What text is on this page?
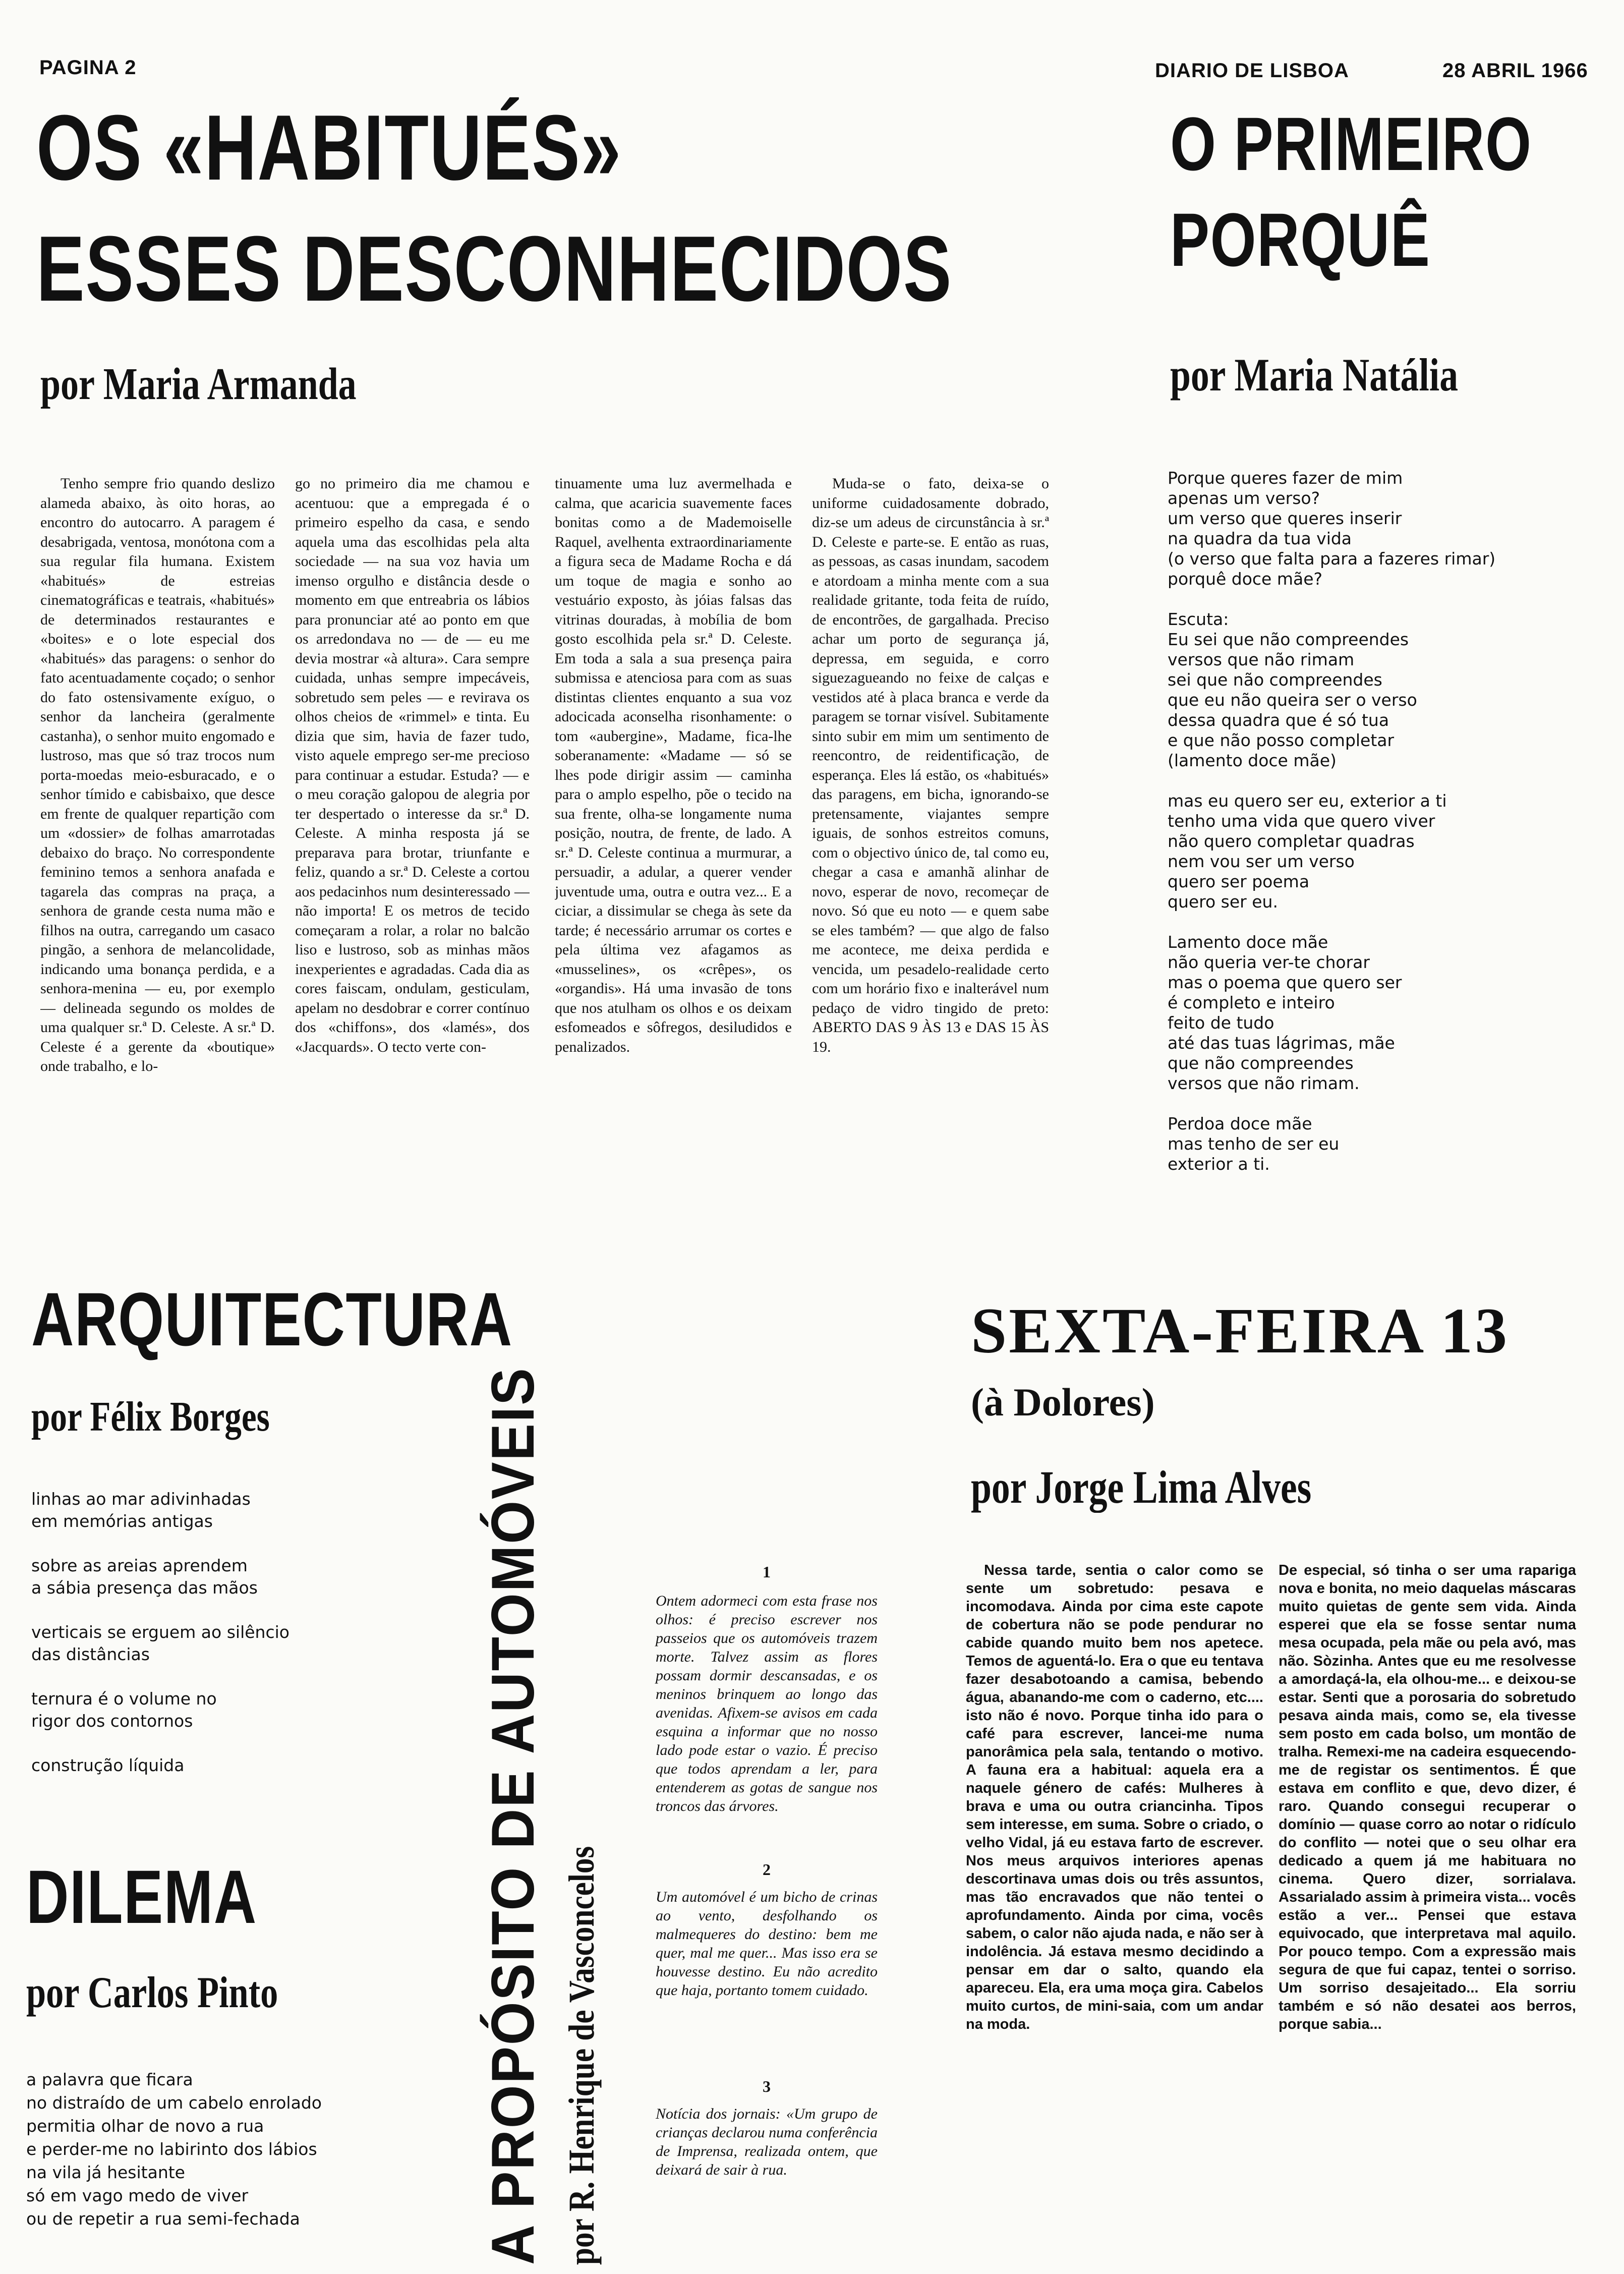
PAGINA 2	DIARIO DE LISBOA	28 ABRIL 1966
OS «HABITUÉS»
ESSES DESCONHECIDOS
por Maria Armanda

Tenho sempre frio quando deslizo alameda abaixo, às oito horas, ao encontro do autocarro. A paragem é desabrigada, ventosa, monótona com a sua regular fila humana. Existem «habitués» de estreias cinematográficas e teatrais, «habitués» de determinados restaurantes e «boites» e o lote especial dos «habitués» das paragens: o senhor do fato acentuadamente coçado; o senhor do fato ostensivamente exíguo, o senhor da lancheira (geralmente castanha), o senhor muito engomado e lustroso, mas que só traz trocos num porta-moedas meio-esburacado, e o senhor tímido e cabisbaixo, que desce em frente de qualquer repartição com um «dossier» de folhas amarrotadas debaixo do braço. No correspondente feminino temos a senhora anafada e tagarela das compras na praça, a senhora de grande cesta numa mão e filhos na outra, carregando um casaco pingão, a senhora de melancolidade, indicando uma bonança perdida, e a senhora-menina — eu, por exemplo — delineada segundo os moldes de uma qualquer sr.ª D. Celeste. A sr.ª D. Celeste é a gerente da «boutique» onde trabalho, e lo-

go no primeiro dia me chamou e acentuou: que a empregada é o primeiro espelho da casa, e sendo aquela uma das escolhidas pela alta sociedade — na sua voz havia um imenso orgulho e distância desde o momento em que entreabria os lábios para pronunciar até ao ponto em que os arredondava no — de — eu me devia mostrar «à altura». Cara sempre cuidada, unhas sempre impecáveis, sobretudo sem peles — e revirava os olhos cheios de «rimmel» e tinta. Eu dizia que sim, havia de fazer tudo, visto aquele emprego ser-me precioso para continuar a estudar. Estuda? — e o meu coração galopou de alegria por ter despertado o interesse da sr.ª D. Celeste. A minha resposta já se preparava para brotar, triunfante e feliz, quando a sr.ª D. Celeste a cortou aos pedacinhos num desinteressado — não importa! E os metros de tecido começaram a rolar, a rolar no balcão liso e lustroso, sob as minhas mãos inexperientes e agradadas. Cada dia as cores faiscam, ondulam, gesticulam, apelam no desdobrar e correr contínuo dos «chiffons», dos «lamés», dos «Jacquards». O tecto verte con-

tinuamente uma luz avermelhada e calma, que acaricia suavemente faces bonitas como a de Mademoiselle Raquel, avelhenta extraordinariamente a figura seca de Madame Rocha e dá um toque de magia e sonho ao vestuário exposto, às jóias falsas das vitrinas douradas, à mobília de bom gosto escolhida pela sr.ª D. Celeste. Em toda a sala a sua presença paira submissa e atenciosa para com as suas distintas clientes enquanto a sua voz adocicada aconselha risonhamente: o tom «aubergine», Madame, fica-lhe soberanamente: «Madame — só se lhes pode dirigir assim — caminha para o amplo espelho, põe o tecido na sua frente, olha-se longamente numa posição, noutra, de frente, de lado. A sr.ª D. Celeste continua a murmurar, a persuadir, a adular, a querer vender juventude uma, outra e outra vez... E a ciciar, a dissimular se chega às sete da tarde; é necessário arrumar os cortes e pela última vez afagamos as «musselines», os «crêpes», os «organdis». Há uma invasão de tons que nos atulham os olhos e os deixam esfomeados e sôfregos, desiludidos e penalizados.

Muda-se o fato, deixa-se o uniforme cuidadosamente dobrado, diz-se um adeus de circunstância à sr.ª D. Celeste e parte-se. E então as ruas, as pessoas, as casas inundam, sacodem e atordoam a minha mente com a sua realidade gritante, toda feita de ruído, de encontrões, de gargalhada. Preciso achar um porto de segurança já, depressa, em seguida, e corro siguezagueando no feixe de calças e vestidos até à placa branca e verde da paragem se tornar visível. Subitamente sinto subir em mim um sentimento de reencontro, de reidentificação, de esperança. Eles lá estão, os «habitués» das paragens, em bicha, ignorando-se pretensamente, viajantes sempre iguais, de sonhos estreitos comuns, com o objectivo único de, tal como eu, chegar a casa e amanhã alinhar de novo, esperar de novo, recomeçar de novo. Só que eu noto — e quem sabe se eles também? — que algo de falso me acontece, me deixa perdida e vencida, um pesadelo-realidade certo com um horário fixo e inalterável num pedaço de vidro tingido de preto: ABERTO DAS 9 ÀS 13 e DAS 15 ÀS 19.

O PRIMEIRO
PORQUÊ
por Maria Natália
Porque queres fazer de mim
apenas um verso?
um verso que queres inserir
na quadra da tua vida
(o verso que falta para a fazeres rimar)
porquê doce mãe?

Escuta:
Eu sei que não compreendes
versos que não rimam
sei que não compreendes
que eu não queira ser o verso
dessa quadra que é só tua
e que não posso completar
(lamento doce mãe)

mas eu quero ser eu, exterior a ti
tenho uma vida que quero viver
não quero completar quadras
nem vou ser um verso
quero ser poema
quero ser eu.

Lamento doce mãe
não queria ver-te chorar
mas o poema que quero ser
é completo e inteiro
feito de tudo
até das tuas lágrimas, mãe
que não compreendes
versos que não rimam.

Perdoa doce mãe
mas tenho de ser eu
exterior a ti.
ARQUITECTURA
por Félix Borges
linhas ao mar adivinhadas
em memórias antigas

sobre as areias aprendem
a sábia presença das mãos

verticais se erguem ao silêncio
das distâncias

ternura é o volume no
rigor dos contornos

construção líquida
DILEMA
por Carlos Pinto
a palavra que ficara
no distraído de um cabelo enrolado
permitia olhar de novo a rua
e perder-me no labirinto dos lábios
na vila já hesitante
só em vago medo de viver
ou de repetir a rua semi-fechada	A PROPÓSITO DE AUTOMÓVEIS por R. Henrique de Vasconcelos
1
Ontem adormeci com esta frase nos olhos: é preciso escrever nos passeios que os automóveis trazem morte. Talvez assim as flores possam dormir descansadas, e os meninos brinquem ao longo das avenidas. Afixem-se avisos em cada esquina a informar que no nosso lado pode estar o vazio. É preciso que todos aprendam a ler, para entenderem as gotas de sangue nos troncos das árvores.
2
Um automóvel é um bicho de crinas ao vento, desfolhando os malmequeres do destino: bem me quer, mal me quer... Mas isso era se houvesse destino. Eu não acredito que haja, portanto tomem cuidado.
3
Notícia dos jornais: «Um grupo de crianças declarou numa conferência de Imprensa, realizada ontem, que deixará de sair à rua.
SEXTA-FEIRA 13
(à Dolores)
por Jorge Lima Alves

Nessa tarde, sentia o calor como se sente um sobretudo: pesava e incomodava. Ainda por cima este capote de cobertura não se pode pendurar no cabide quando muito bem nos apetece. Temos de aguentá-lo. Era o que eu tentava fazer desabotoando a camisa, bebendo água, abanando-me com o caderno, etc.... isto não é novo. Porque tinha ido para o café para escrever, lancei-me numa panorâmica pela sala, tentando o motivo. A fauna era a habitual: aquela era a naquele género de cafés: Mulheres à brava e uma ou outra criancinha. Tipos sem interesse, em suma. Sobre o criado, o velho Vidal, já eu estava farto de escrever. Nos meus arquivos interiores apenas descortinava umas dois ou três assuntos, mas tão encravados que não tentei o aprofundamento. Ainda por cima, vocês sabem, o calor não ajuda nada, e não ser à indolência. Já estava mesmo decidindo a pensar em dar o salto, quando ela apareceu. Ela, era uma moça gira. Cabelos muito curtos, de mini-saia, com um andar na moda.

De especial, só tinha o ser uma rapariga nova e bonita, no meio daquelas máscaras muito quietas de gente sem vida. Ainda esperei que ela se fosse sentar numa mesa ocupada, pela mãe ou pela avó, mas não. Sòzinha. Antes que eu me resolvesse a amordaçá-la, ela olhou-me... e deixou-se estar. Senti que a porosaria do sobretudo pesava ainda mais, como se, ela tivesse sem posto em cada bolso, um montão de tralha. Remexi-me na cadeira esquecendo-me de registar os sentimentos. É que estava em conflito e que, devo dizer, é raro. Quando consegui recuperar o domínio — quase corro ao notar o ridículo do conflito — notei que o seu olhar era dedicado a quem já me habituara no cinema. Quero dizer, sorrialava. Assarialado assim à primeira vista... vocês estão a ver... Pensei que estava equivocado, que interpretava mal aquilo. Por pouco tempo. Com a expressão mais segura de que fui capaz, tentei o sorriso. Um sorriso desajeitado... Ela sorriu também e só não desatei aos berros, porque sabia...
